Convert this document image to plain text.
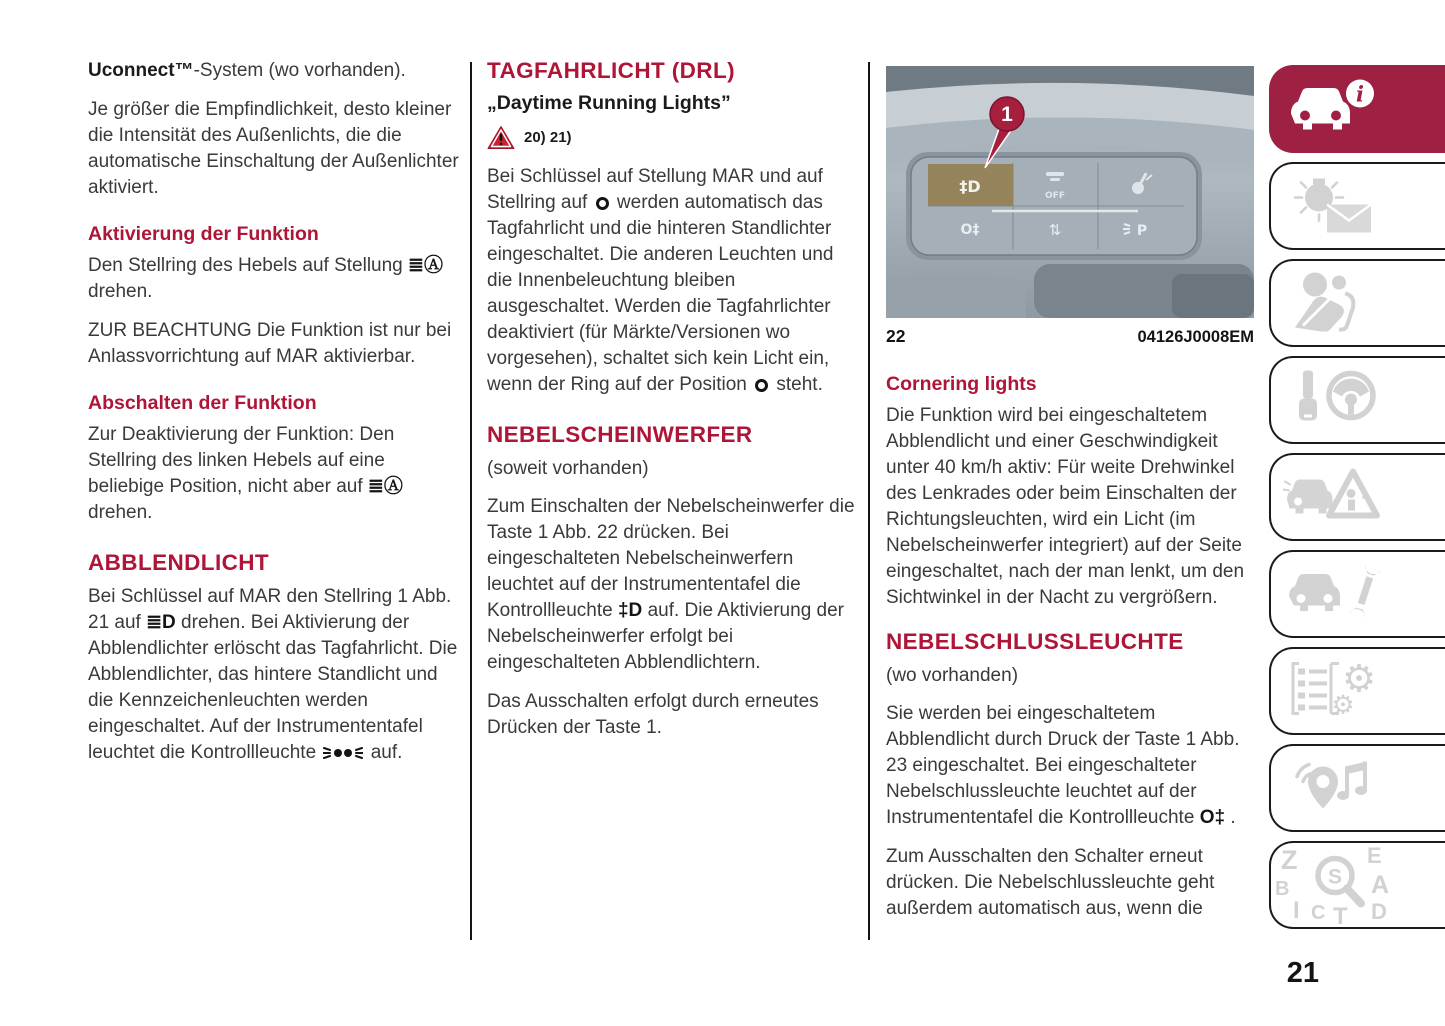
Uconnect™-System (wo vorhanden).

Je größer die Empfindlichkeit, desto kleiner die Intensität des Außenlichts, die die automatische Einschaltung der Außenlichter aktiviert.

Aktivierung der Funktion

Den Stellring des Hebels auf Stellung ≣Ⓐ drehen.

ZUR BEACHTUNG Die Funktion ist nur bei Anlassvorrichtung auf MAR aktivierbar.

Abschalten der Funktion

Zur Deaktivierung der Funktion: Den Stellring des linken Hebels auf eine beliebige Position, nicht aber auf ≣Ⓐ drehen.

ABBLENDLICHT

Bei Schlüssel auf MAR den Stellring 1 Abb. 21 auf ≣D drehen. Bei Aktivierung der Abblendlichter erlöscht das Tagfahrlicht. Die Abblendlichter, das hintere Standlicht und die Kennzeichenleuchten werden eingeschaltet. Auf der Instrumententafel leuchtet die Kontrollleuchte	auf.

TAGFAHRLICHT (DRL)
„Daytime Running Lights”
20) 21)

Bei Schlüssel auf Stellung MAR und auf Stellring auf werden automatisch das Tagfahrlicht und die hinteren Standlichter eingeschaltet. Die anderen Leuchten und die Innenbeleuchtung bleiben ausgeschaltet. Werden die Tagfahrlichter deaktiviert (für Märkte/Versionen wo vorgesehen), schaltet sich kein Licht ein, wenn der Ring auf der Position steht.

NEBELSCHEINWERFER

(soweit vorhanden)

Zum Einschalten der Nebelscheinwerfer die Taste 1 Abb. 22 drücken. Bei eingeschalteten Nebelscheinwerfern leuchtet auf der Instrumententafel die Kontrollleuchte ‡D auf. Die Aktivierung der Nebelscheinwerfer erfolgt bei eingeschalteten Abblendlichtern.

Das Ausschalten erfolgt durch erneutes Drücken der Taste 1.

‡D	OFF
O‡	⇅	P
1
22	04126J0008EM
Cornering lights

Die Funktion wird bei eingeschaltetem Abblendlicht und einer Geschwindigkeit unter 40 km/h aktiv: Für weite Drehwinkel des Lenkrades oder beim Einschalten der Richtungsleuchten, wird ein Licht (im Nebelscheinwerfer integriert) auf der Seite eingeschaltet, nach der man lenkt, um den Sichtwinkel in der Nacht zu vergrößern.

NEBELSCHLUSSLEUCHTE

(wo vorhanden)

Sie werden bei eingeschaltetem Abblendlicht durch Druck der Taste 1 Abb. 23 eingeschaltet. Bei eingeschalteter Nebelschlussleuchte leuchtet auf der Instrumententafel die Kontrollleuchte O‡ .

Zum Ausschalten den Schalter erneut drücken. Die Nebelschlussleuchte geht außerdem automatisch aus, wenn die

i
⚙
⚙
Z	E
B	A
I C T D
S
21
